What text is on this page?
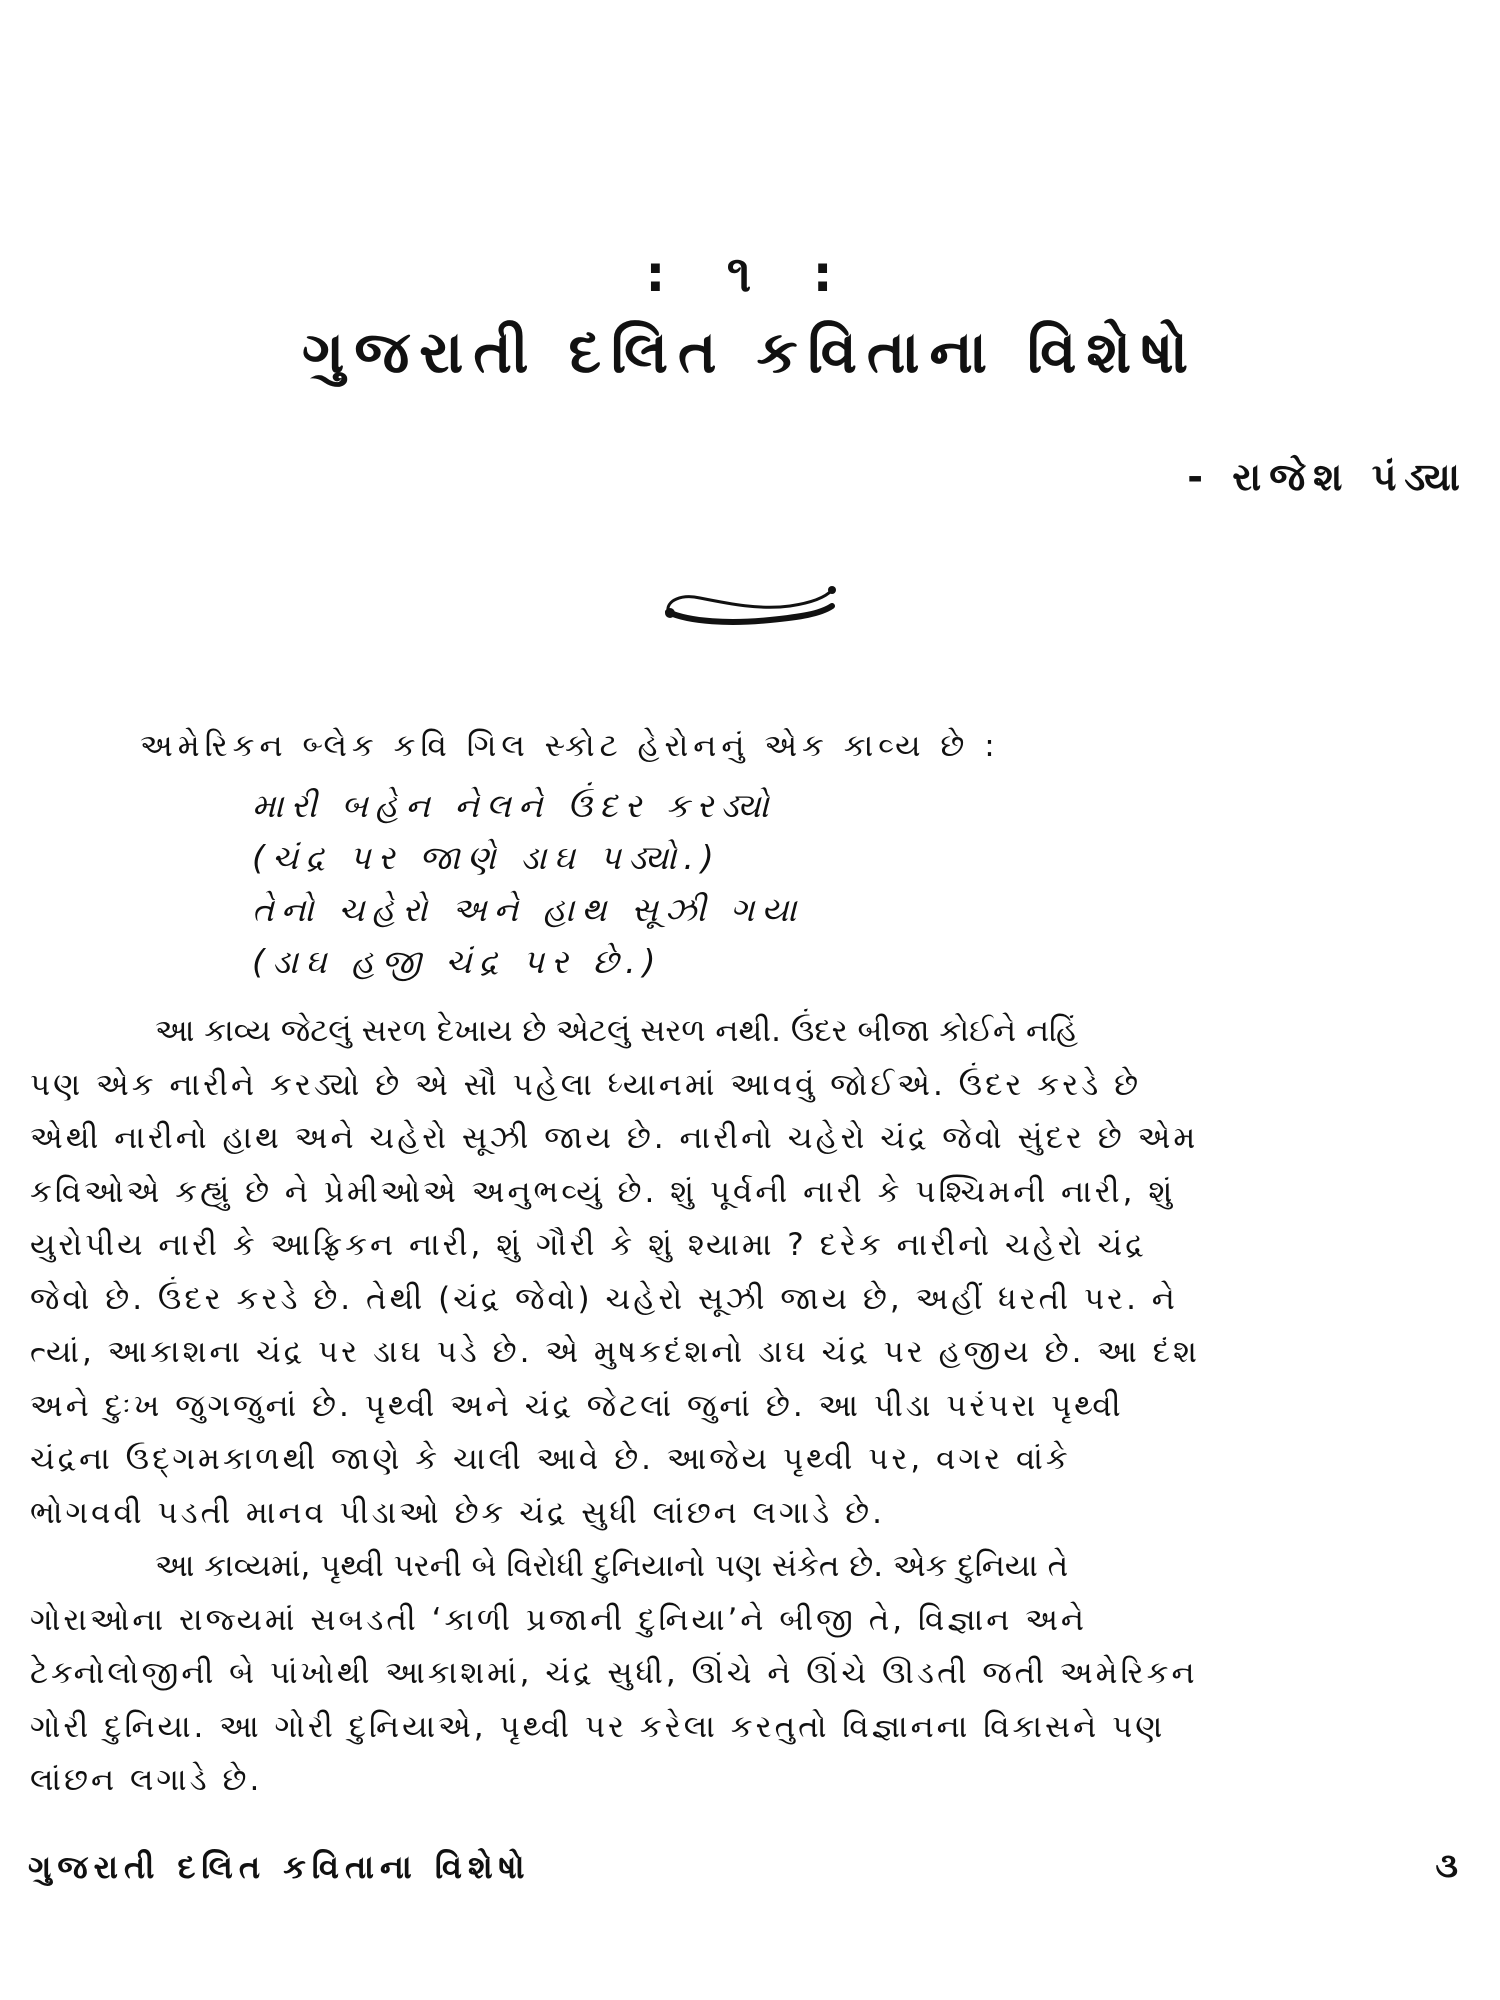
: ૧ :
ગુજરાતી દલિત કવિતાના વિશેષો
- રાજેશ પંડ્યા
અમેરિકન બ્લેક કવિ ગિલ સ્કોટ હેરોનનું એક કાવ્ય છે :
મારી બહેન નેલને ઉંદર કરડ્યો
(ચંદ્ર પર જાણે ડાઘ પડ્યો.)
તેનો ચહેરો અને હાથ સૂઝી ગયા
(ડાઘ હજી ચંદ્ર પર છે.)
આ કાવ્ય જેટલું સરળ દેખાય છે એટલું સરળ નથી. ઉંદર બીજા કોઈને નહિં
પણ એક નારીને કરડ્યો છે એ સૌ પહેલા ધ્યાનમાં આવવું જોઈએ. ઉંદર કરડે છે
એથી નારીનો હાથ અને ચહેરો સૂઝી જાય છે. નારીનો ચહેરો ચંદ્ર જેવો સુંદર છે એમ
કવિઓએ કહ્યું છે ને પ્રેમીઓએ અનુભવ્યું છે. શું પૂર્વની નારી કે પશ્ચિમની નારી, શું
યુરોપીય નારી કે આફ્રિકન નારી, શું ગૌરી કે શું શ્યામા ? દરેક નારીનો ચહેરો ચંદ્ર
જેવો છે. ઉંદર કરડે છે. તેથી (ચંદ્ર જેવો) ચહેરો સૂઝી જાય છે, અહીં ધરતી પર. ને
ત્યાં, આકાશના ચંદ્ર પર ડાઘ પડે છે. એ મુષકદંશનો ડાઘ ચંદ્ર પર હજીય છે. આ દંશ
અને દુઃખ જુગજુનાં છે. પૃથ્વી અને ચંદ્ર જેટલાં જુનાં છે. આ પીડા પરંપરા પૃથ્વી
ચંદ્રના ઉદ્‌ગમકાળથી જાણે કે ચાલી આવે છે. આજેય પૃથ્વી પર, વગર વાંકે
ભોગવવી પડતી માનવ પીડાઓ છેક ચંદ્ર સુધી લાંછન લગાડે છે.
આ કાવ્યમાં, પૃથ્વી પરની બે વિરોધી દુનિયાનો પણ સંકેત છે. એક દુનિયા તે
ગોરાઓના રાજ્યમાં સબડતી ‘કાળી પ્રજાની દુનિયા’ને બીજી તે, વિજ્ઞાન અને
ટેક્નોલોજીની બે પાંખોથી આકાશમાં, ચંદ્ર સુધી, ઊંચે ને ઊંચે ઊડતી જતી અમેરિકન
ગોરી દુનિયા. આ ગોરી દુનિયાએ, પૃથ્વી પર કરેલા કરતુતો વિજ્ઞાનના વિકાસને પણ
લાંછન લગાડે છે.
ગુજરાતી દલિત કવિતાના વિશેષો	૩
